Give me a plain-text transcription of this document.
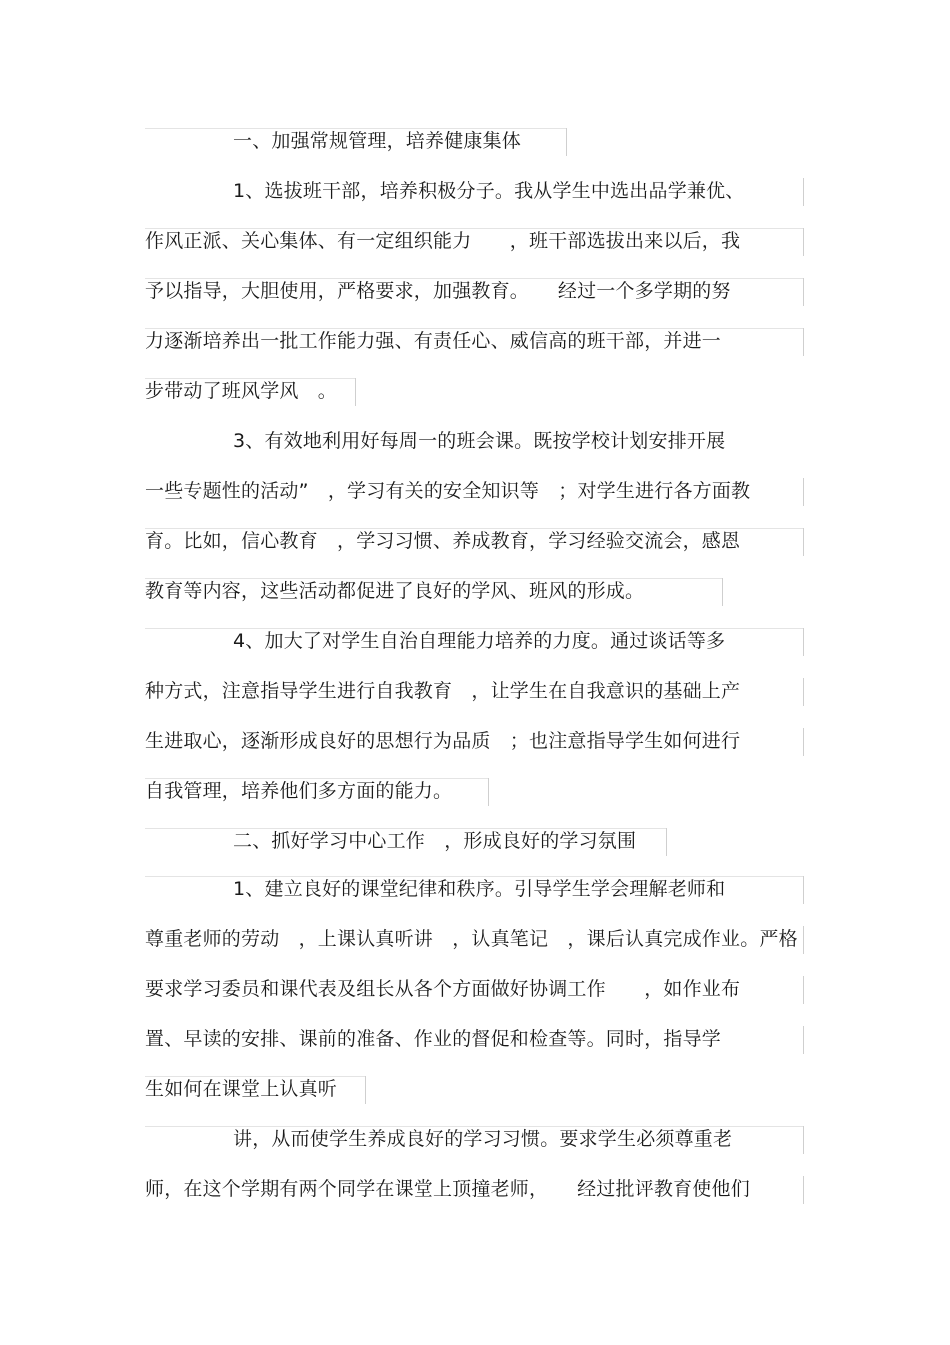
一、加强常规管理，培养健康集体
1、选拔班干部，培养积极分子。我从学生中选出品学兼优、
作风正派、关心集体、有一定组织能力　　，班干部选拔出来以后，我
予以指导，大胆使用，严格要求，加强教育。　　经过一个多学期的努
力逐渐培养出一批工作能力强、有责任心、威信高的班干部，并进一
步带动了班风学风　。
3、有效地利用好每周一的班会课。既按学校计划安排开展
一些专题性的活动”　，学习有关的安全知识等　；对学生进行各方面教
育。比如，信心教育　，学习习惯、养成教育，学习经验交流会，感恩
教育等内容，这些活动都促进了良好的学风、班风的形成。
4、加大了对学生自治自理能力培养的力度。通过谈话等多
种方式，注意指导学生进行自我教育　，让学生在自我意识的基础上产
生进取心，逐渐形成良好的思想行为品质　；也注意指导学生如何进行
自我管理，培养他们多方面的能力。
二、抓好学习中心工作　，形成良好的学习氛围
1、建立良好的课堂纪律和秩序。引导学生学会理解老师和
尊重老师的劳动　，上课认真听讲　，认真笔记　，课后认真完成作业。严格
要求学习委员和课代表及组长从各个方面做好协调工作　　，如作业布
置、早读的安排、课前的准备、作业的督促和检查等。同时，指导学
生如何在课堂上认真听
讲，从而使学生养成良好的学习习惯。要求学生必须尊重老
师，在这个学期有两个同学在课堂上顶撞老师，　　经过批评教育使他们
